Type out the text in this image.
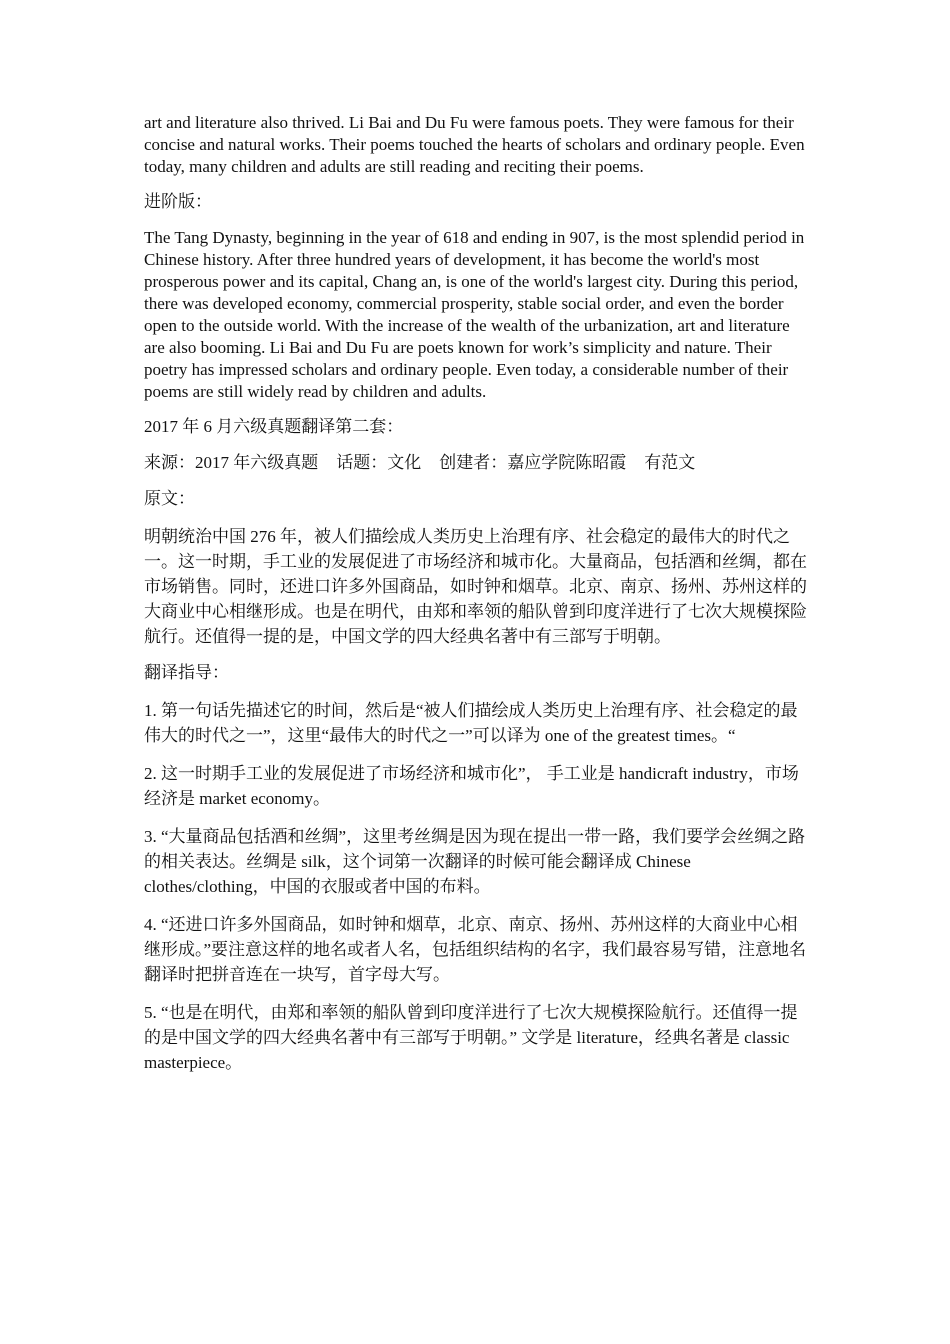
art and literature also thrived. Li Bai and Du Fu were famous poets. They were famous for their concise and natural works. Their poems touched the hearts of scholars and ordinary people. Even today, many children and adults are still reading and reciting their poems.

进阶版：

The Tang Dynasty, beginning in the year of 618 and ending in 907, is the most splendid period in Chinese history. After three hundred years of development, it has become the world's most prosperous power and its capital, Chang an, is one of the world's largest city. During this period, there was developed economy, commercial prosperity, stable social order, and even the border open to the outside world. With the increase of the wealth of the urbanization, art and literature are also booming. Li Bai and Du Fu are poets known for work’s simplicity and nature. Their poetry has impressed scholars and ordinary people. Even today, a considerable number of their poems are still widely read by children and adults.

2017 年 6 月六级真题翻译第二套：

来源：2017 年六级真题 话题：文化 创建者：嘉应学院陈昭霞 有范文

原文：

明朝统治中国 276 年，被人们描绘成人类历史上治理有序、社会稳定的最伟大的时代之一。这一时期，手工业的发展促进了市场经济和城市化。大量商品，包括酒和丝绸，都在市场销售。同时，还进口许多外国商品，如时钟和烟草。北京、南京、扬州、苏州这样的大商业中心相继形成。也是在明代，由郑和率领的船队曾到印度洋进行了七次大规模探险航行。还值得一提的是，中国文学的四大经典名著中有三部写于明朝。

翻译指导：

1. 第一句话先描述它的时间，然后是“被人们描绘成人类历史上治理有序、社会稳定的最伟大的时代之一”，这里“最伟大的时代之一”可以译为 one of the greatest times。“

2. 这一时期手工业的发展促进了市场经济和城市化”， 手工业是 handicraft industry，市场经济是 market economy。

3. “大量商品包括酒和丝绸”，这里考丝绸是因为现在提出一带一路，我们要学会丝绸之路的相关表达。丝绸是 silk，这个词第一次翻译的时候可能会翻译成 Chinese clothes/clothing，中国的衣服或者中国的布料。

4. “还进口许多外国商品，如时钟和烟草，北京、南京、扬州、苏州这样的大商业中心相继形成。”要注意这样的地名或者人名，包括组织结构的名字，我们最容易写错，注意地名翻译时把拼音连在一块写，首字母大写。

5. “也是在明代，由郑和率领的船队曾到印度洋进行了七次大规模探险航行。还值得一提的是中国文学的四大经典名著中有三部写于明朝。” 文学是 literature，经典名著是 classic masterpiece。
